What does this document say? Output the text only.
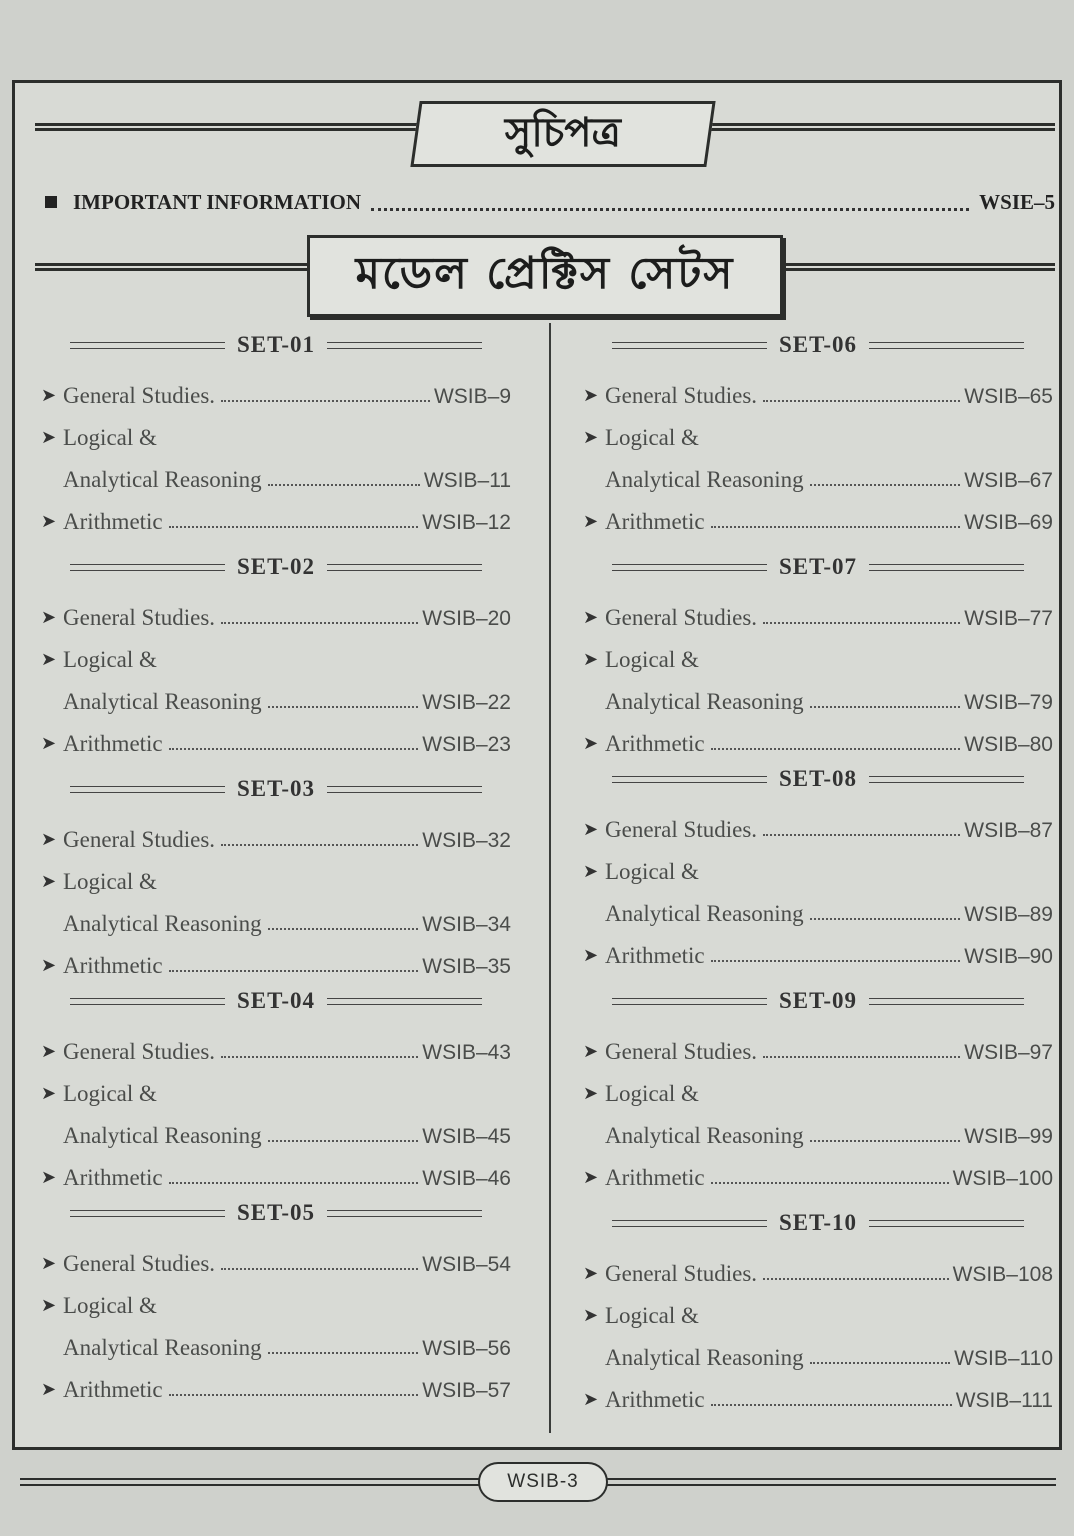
সুচিপত্র
IMPORTANT INFORMATION	WSIE–5
মডেল প্রেক্টিস সেটস
SET-01
➤ General Studies.	WSIB–9
➤ Logical &
Analytical Reasoning	WSIB–11
➤ Arithmetic	WSIB–12
SET-02
➤ General Studies.	WSIB–20
➤ Logical &
Analytical Reasoning	WSIB–22
➤ Arithmetic	WSIB–23
SET-03
➤ General Studies.	WSIB–32
➤ Logical &
Analytical Reasoning	WSIB–34
➤ Arithmetic	WSIB–35
SET-04
➤ General Studies.	WSIB–43
➤ Logical &
Analytical Reasoning	WSIB–45
➤ Arithmetic	WSIB–46
SET-05
➤ General Studies.	WSIB–54
➤ Logical &
Analytical Reasoning	WSIB–56
➤ Arithmetic	WSIB–57
SET-06
➤ General Studies.	WSIB–65
➤ Logical &
Analytical Reasoning	WSIB–67
➤ Arithmetic	WSIB–69
SET-07
➤ General Studies.	WSIB–77
➤ Logical &
Analytical Reasoning	WSIB–79
➤ Arithmetic	WSIB–80
SET-08
➤ General Studies.	WSIB–87
➤ Logical &
Analytical Reasoning	WSIB–89
➤ Arithmetic	WSIB–90
SET-09
➤ General Studies.	WSIB–97
➤ Logical &
Analytical Reasoning	WSIB–99
➤ Arithmetic	WSIB–100
SET-10
➤ General Studies.	WSIB–108
➤ Logical &
Analytical Reasoning	WSIB–110
➤ Arithmetic	WSIB–111
WSIB-3
